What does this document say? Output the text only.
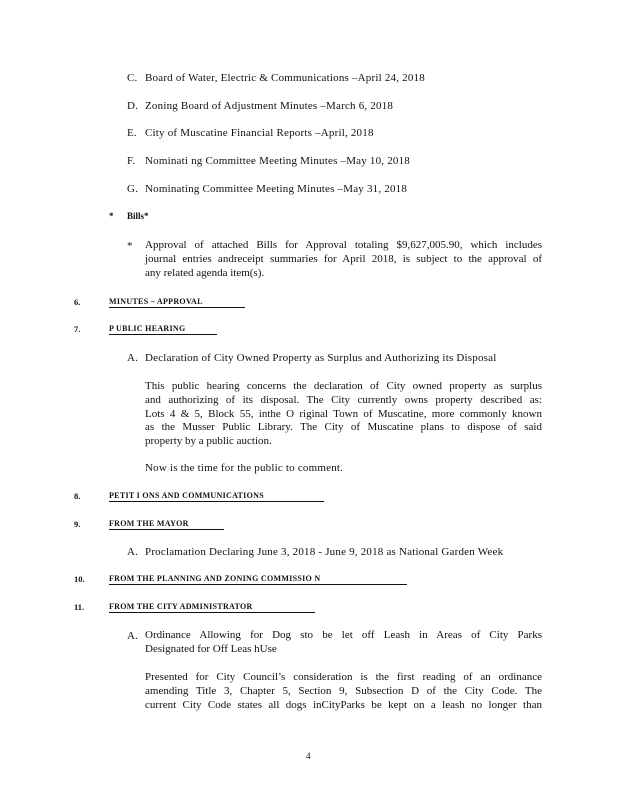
C. Board of Water, Electric & Communications –April 24, 2018
D. Zoning Board of Adjustment Minutes –March 6, 2018
E. City of Muscatine Financial Reports –April, 2018
F. Nominati ng Committee Meeting Minutes –May 10, 2018
G. Nominating Committee Meeting Minutes –May 31, 2018
* Bills*
* Approval of attached Bills for Approval totaling $9,627,005.90, which includes
journal entries andreceipt summaries for April 2018, is subject to the approval of
any related agenda item(s).
6.	MINUTES – APPROVAL
7.	P UBLIC HEARING
A. Declaration of City Owned Property as Surplus and Authorizing its Disposal
This public hearing concerns the declaration of City owned property as surplus
and authorizing of its disposal. The City currently owns property described as:
Lots 4 & 5, Block 55, inthe O riginal Town of Muscatine, more commonly known
as the Musser Public Library. The City of Muscatine plans to dispose of said
property by a public auction.
Now is the time for the public to comment.
8.	PETIT I ONS AND COMMUNICATIONS
9.	FROM THE MAYOR
A. Proclamation Declaring June 3, 2018 - June 9, 2018 as National Garden Week
10.	FROM THE PLANNING AND ZONING COMMISSIO N
11.	FROM THE CITY ADMINISTRATOR
A. Ordinance Allowing for Dog sto be let off Leash in Areas of City Parks
Designated for Off Leas hUse
Presented for City Council’s consideration is the first reading of an ordinance
amending Title 3, Chapter 5, Section 9, Subsection D of the City Code. The
current City Code states all dogs inCityParks be kept on a leash no longer than
4
